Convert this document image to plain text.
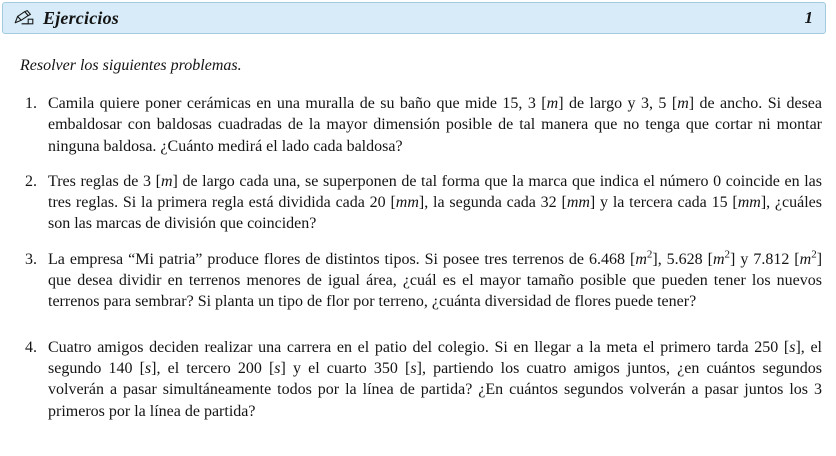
Ejercicios	1
Resolver los siguientes problemas.
1. Camila quiere poner cerámicas en una muralla de su baño que mide 15, 3 [m] de largo y 3, 5 [m] de ancho. Si desea embaldosar con baldosas cuadradas de la mayor dimensión posible de tal manera que no tenga que cortar ni montar ninguna baldosa. ¿Cuánto medirá el lado cada baldosa?
2. Tres reglas de 3 [m] de largo cada una, se superponen de tal forma que la marca que indica el número 0 coincide en las tres reglas. Si la primera regla está dividida cada 20 [mm], la segunda cada 32 [mm] y la tercera cada 15 [mm], ¿cuáles son las marcas de división que coinciden?
3. La empresa “Mi patria” produce flores de distintos tipos. Si posee tres terrenos de 6.468 $[m^2]$, 5.628 $[m^2]$ y 7.812 $[m^2]$ que desea dividir en terrenos menores de igual área, ¿cuál es el mayor tamaño posible que pueden tener los nuevos terrenos para sembrar? Si planta un tipo de flor por terreno, ¿cuánta diversidad de flores puede tener?
4. Cuatro amigos deciden realizar una carrera en el patio del colegio. Si en llegar a la meta el primero tarda 250 [s], el segundo 140 [s], el tercero 200 [s] y el cuarto 350 [s], partiendo los cuatro amigos juntos, ¿en cuántos segundos volverán a pasar simultáneamente todos por la línea de partida? ¿En cuántos segundos volverán a pasar juntos los 3 primeros por la línea de partida?
